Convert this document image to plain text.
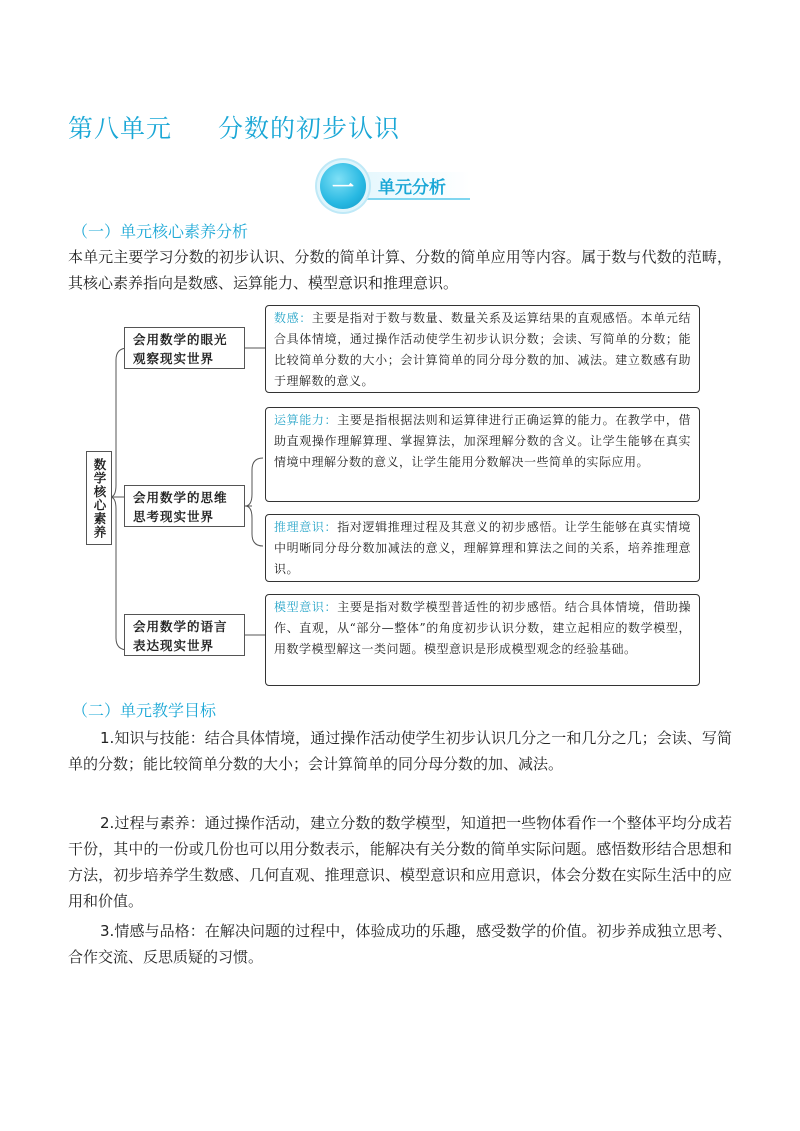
第八单元 分数的初步认识
一	单元分析
（一）单元核心素养分析
本单元主要学习分数的初步认识、分数的简单计算、分数的简单应用等内容。属于数与代数的范畴，其核心素养指向是数感、运算能力、模型意识和推理意识。
数学核心素养
会用数学的眼光观察现实世界
会用数学的思维思考现实世界
会用数学的语言表达现实世界
数感：主要是指对于数与数量、数量关系及运算结果的直观感悟。本单元结合具体情境，通过操作活动使学生初步认识分数；会读、写简单的分数；能比较简单分数的大小；会计算简单的同分母分数的加、减法。建立数感有助于理解数的意义。
运算能力：主要是指根据法则和运算律进行正确运算的能力。在教学中，借助直观操作理解算理、掌握算法，加深理解分数的含义。让学生能够在真实情境中理解分数的意义，让学生能用分数解决一些简单的实际应用。
推理意识：指对逻辑推理过程及其意义的初步感悟。让学生能够在真实情境中明晰同分母分数加减法的意义，理解算理和算法之间的关系，培养推理意识。
模型意识：主要是指对数学模型普适性的初步感悟。结合具体情境，借助操作、直观，从“部分—整体”的角度初步认识分数，建立起相应的数学模型，用数学模型解这一类问题。模型意识是形成模型观念的经验基础。
（二）单元教学目标
1.知识与技能：结合具体情境，通过操作活动使学生初步认识几分之一和几分之几；会读、写简单的分数；能比较简单分数的大小；会计算简单的同分母分数的加、减法。
2.过程与素养：通过操作活动，建立分数的数学模型，知道把一些物体看作一个整体平均分成若干份，其中的一份或几份也可以用分数表示，能解决有关分数的简单实际问题。感悟数形结合思想和方法，初步培养学生数感、几何直观、推理意识、模型意识和应用意识，体会分数在实际生活中的应用和价值。
3.情感与品格：在解决问题的过程中，体验成功的乐趣，感受数学的价值。初步养成独立思考、合作交流、反思质疑的习惯。
